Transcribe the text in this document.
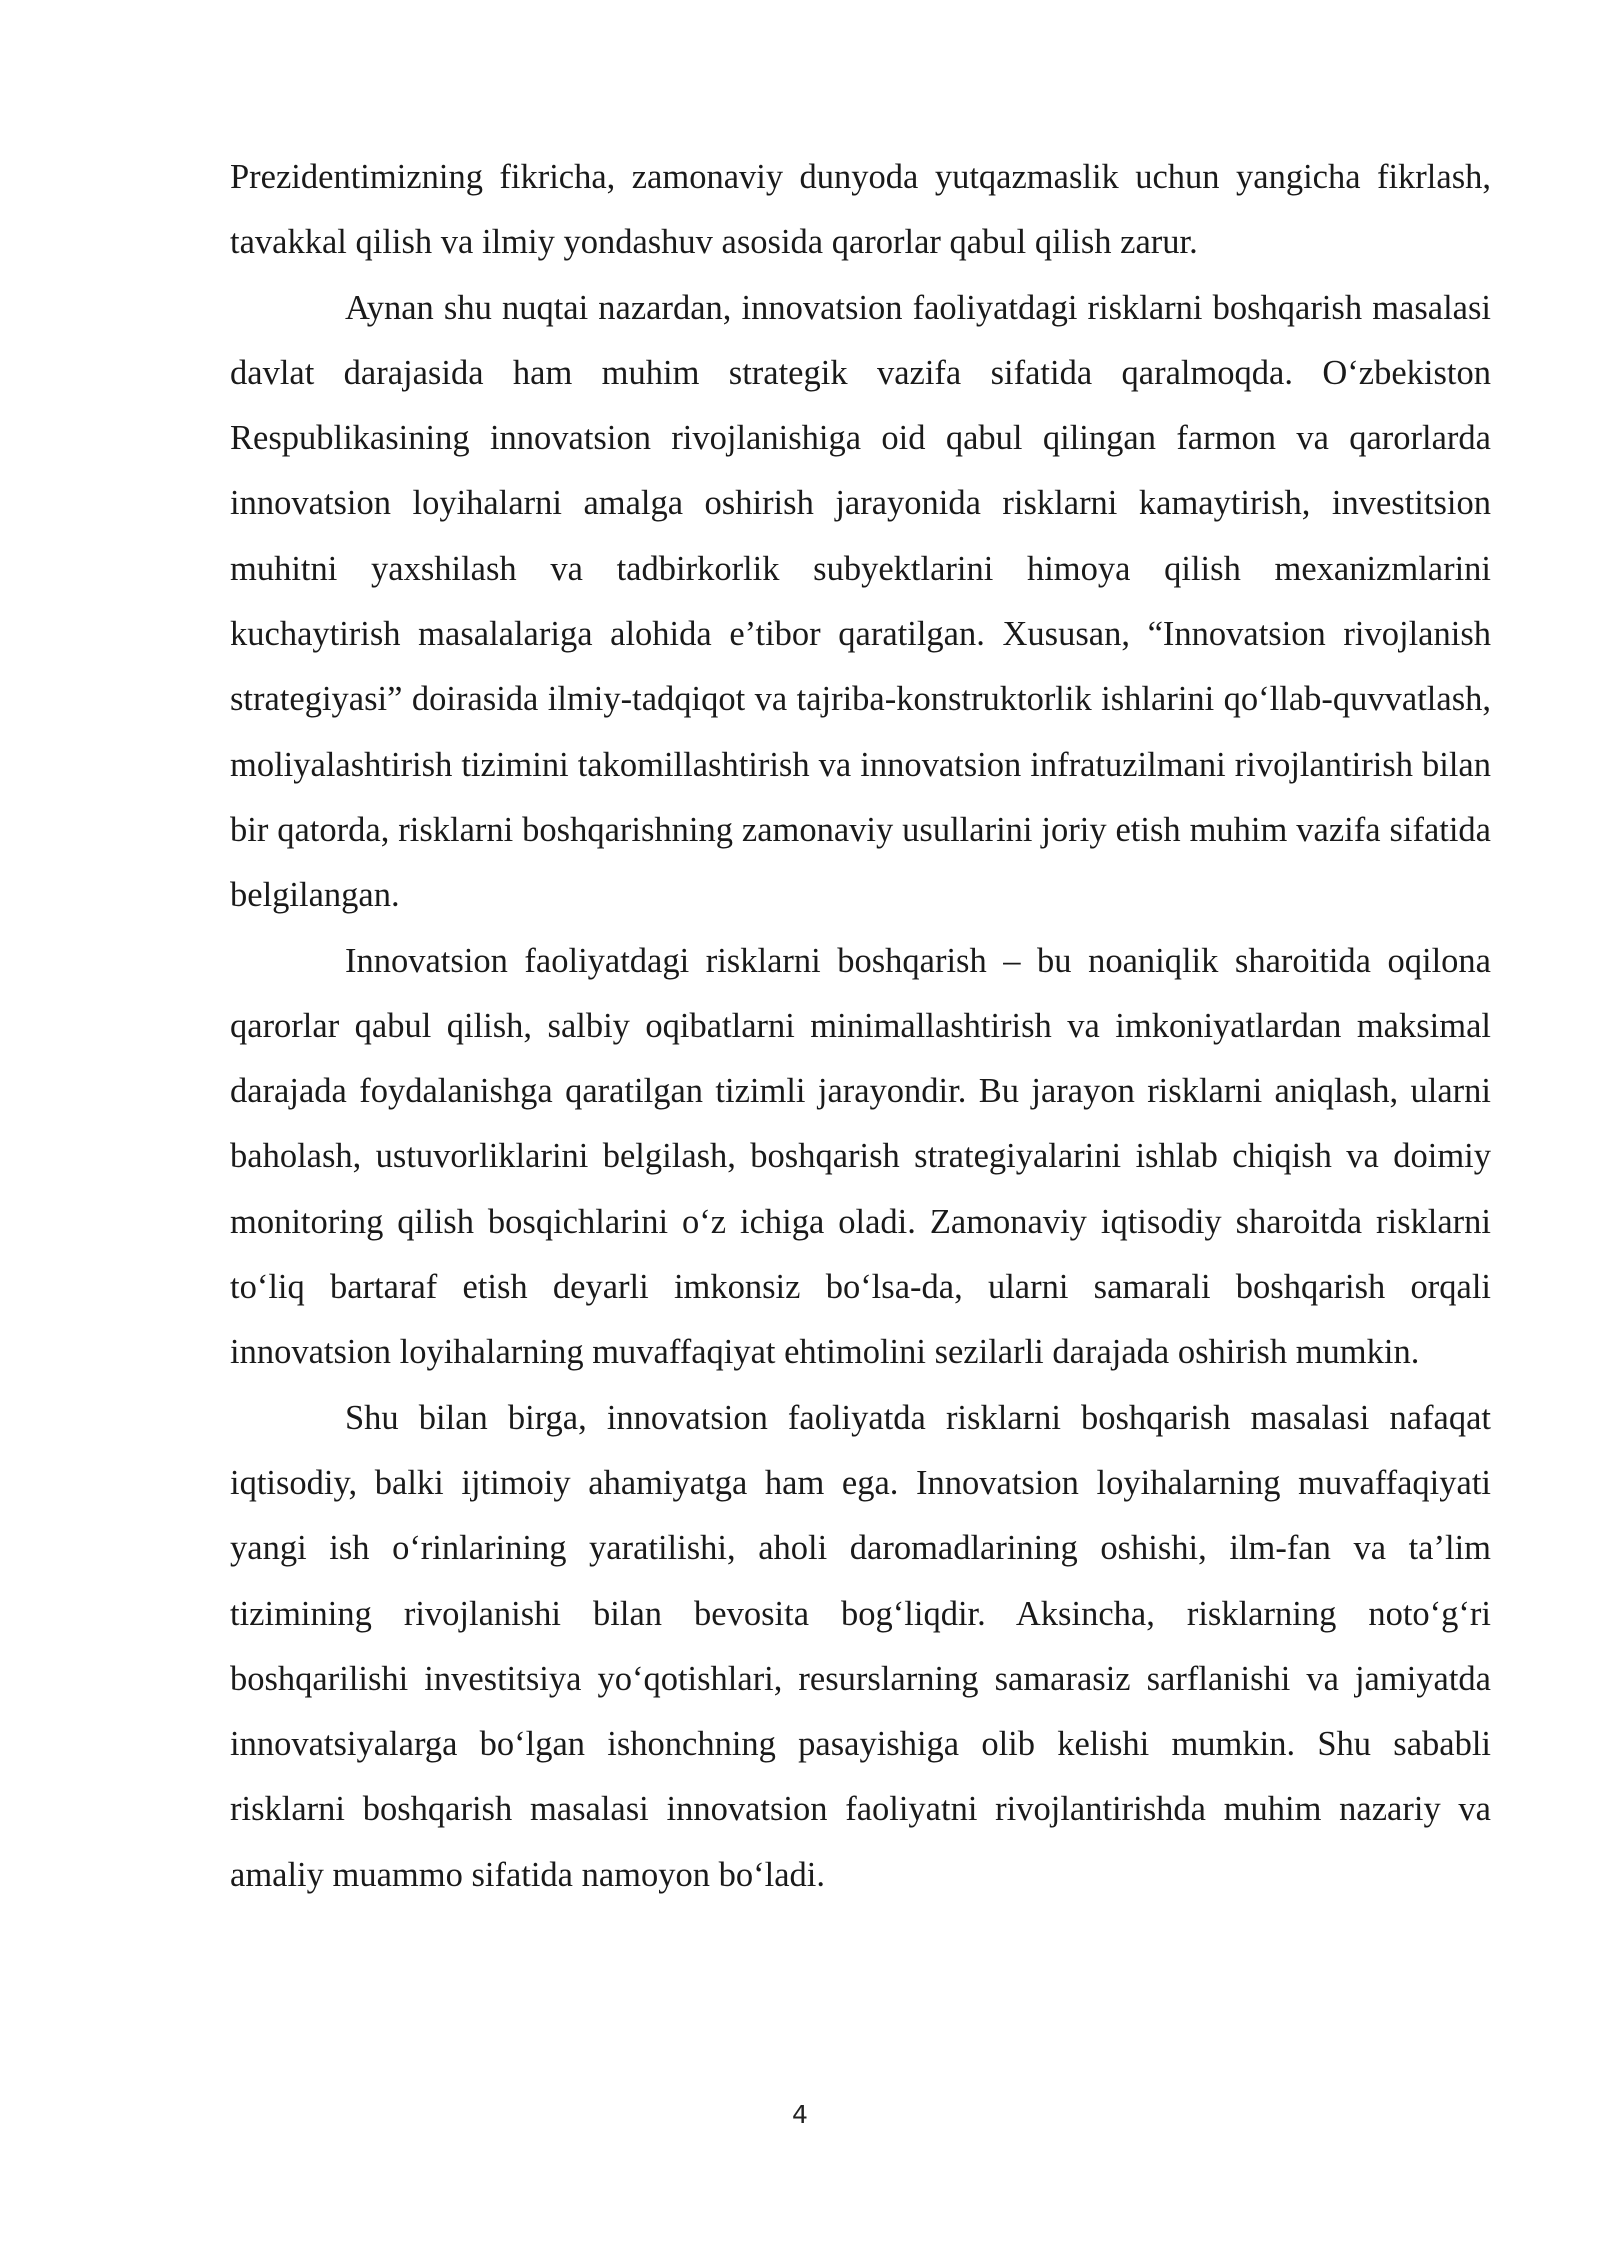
Prezidentimizning fikricha, zamonaviy dunyoda yutqazmaslik uchun yangicha fikrlash, tavakkal qilish va ilmiy yondashuv asosida qarorlar qabul qilish zarur.

Aynan shu nuqtai nazardan, innovatsion faoliyatdagi risklarni boshqarish masalasi davlat darajasida ham muhim strategik vazifa sifatida qaralmoqda. O‘zbekiston Respublikasining innovatsion rivojlanishiga oid qabul qilingan farmon va qarorlarda innovatsion loyihalarni amalga oshirish jarayonida risklarni kamaytirish, investitsion muhitni yaxshilash va tadbirkorlik subyektlarini himoya qilish mexanizmlarini kuchaytirish masalalariga alohida e’tibor qaratilgan. Xususan, “Innovatsion rivojlanish strategiyasi” doirasida ilmiy-tadqiqot va tajriba-konstruktorlik ishlarini qo‘llab-quvvatlash, moliyalashtirish tizimini takomillashtirish va innovatsion infratuzilmani rivojlantirish bilan bir qatorda, risklarni boshqarishning zamonaviy usullarini joriy etish muhim vazifa sifatida belgilangan.

Innovatsion faoliyatdagi risklarni boshqarish – bu noaniqlik sharoitida oqilona qarorlar qabul qilish, salbiy oqibatlarni minimallashtirish va imkoniyatlardan maksimal darajada foydalanishga qaratilgan tizimli jarayondir. Bu jarayon risklarni aniqlash, ularni baholash, ustuvorliklarini belgilash, boshqarish strategiyalarini ishlab chiqish va doimiy monitoring qilish bosqichlarini o‘z ichiga oladi. Zamonaviy iqtisodiy sharoitda risklarni to‘liq bartaraf etish deyarli imkonsiz bo‘lsa-da, ularni samarali boshqarish orqali innovatsion loyihalarning muvaffaqiyat ehtimolini sezilarli darajada oshirish mumkin.

Shu bilan birga, innovatsion faoliyatda risklarni boshqarish masalasi nafaqat iqtisodiy, balki ijtimoiy ahamiyatga ham ega. Innovatsion loyihalarning muvaffaqiyati yangi ish o‘rinlarining yaratilishi, aholi daromadlarining oshishi, ilm-fan va ta’lim tizimining rivojlanishi bilan bevosita bog‘liqdir. Aksincha, risklarning noto‘g‘ri boshqarilishi investitsiya yo‘qotishlari, resurslarning samarasiz sarflanishi va jamiyatda innovatsiyalarga bo‘lgan ishonchning pasayishiga olib kelishi mumkin. Shu sababli risklarni boshqarish masalasi innovatsion faoliyatni rivojlantirishda muhim nazariy va amaliy muammo sifatida namoyon bo‘ladi.

4
